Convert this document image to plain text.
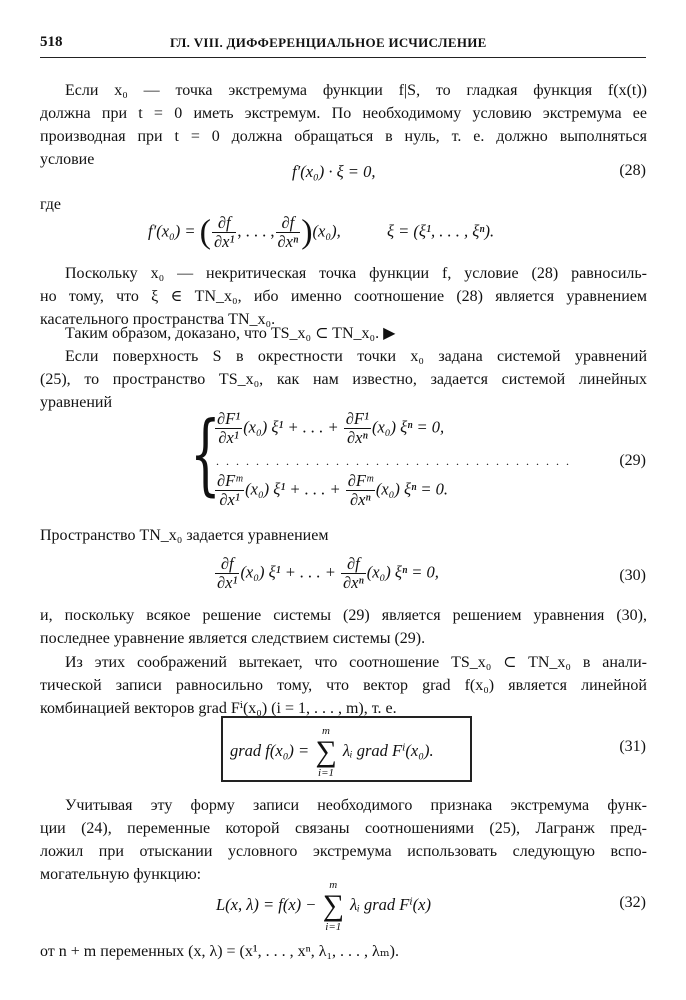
518	ГЛ. VIII. ДИФФЕРЕНЦИАЛЬНОЕ ИСЧИСЛЕНИЕ
Если x₀ — точка экстремума функции f|S, то гладкая функция f(x(t))
должна при t = 0 иметь экстремум. По необходимому условию экстремума ее
производная при t = 0 должна обращаться в нуль, т. е. должно выполняться
условие
f′(x₀) · ξ = 0,	(28)
где
f′(x₀) = ( $\frac{\partial f}{\text{∂x¹}}$ , . . . , $\frac{\partial f}{\text{∂xⁿ}} )(x_0)$,	ξ = (ξ¹, . . . , ξⁿ).
Поскольку x₀ — некритическая точка функции f, условие (28) равносиль-
но тому, что ξ ∈ TN_x₀, ибо именно соотношение (28) является уравнением
касательного пространства TN_x₀.
Таким образом, доказано, что TS_x₀ ⊂ TN_x₀. ▶
Если поверхность S в окрестности точки x₀ задана системой уравнений
(25), то пространство TS_x₀, как нам известно, задается системой линейных
уравнений {
$\frac{\text{∂F¹}}{\text{∂x¹}} (x_0) \xi^1$ + . . . + $\frac{\text{∂F¹}}{\text{∂xⁿ}} (x_0) \xi^n = 0$,
. . . . . . . . . . . . . . . . . . . . . . . . . . . . . . . . . . . .	(29)
$\frac{\text{∂Fᵐ}}{\text{∂x¹}} (x_0) \xi^1$ + . . . + $\frac{\text{∂Fᵐ}}{\text{∂xⁿ}} (x_0) \xi^n = 0$.
Пространство TN_x₀ задается уравнением
$\frac{\partial f}{\text{∂x¹}} (x_0) \xi^1$ + . . . + $\frac{\partial f}{\text{∂xⁿ}} (x_0) \xi^n = 0$,	(30)
и, поскольку всякое решение системы (29) является решением уравнения (30),
последнее уравнение является следствием системы (29).
Из этих соображений вытекает, что соотношение TS_x₀ ⊂ TN_x₀ в анали-
тической записи равносильно тому, что вектор grad f(x₀) является линейной
комбинацией векторов grad Fⁱ(x₀) (i = 1, . . . , m), т. е.
grad f(x₀) =
m
∑
i=1
λᵢ grad Fⁱ(x₀).	(31)
Учитывая эту форму записи необходимого признака экстремума функ-
ции (24), переменные которой связаны соотношениями (25), Лагранж пред-
ложил при отыскании условного экстремума использовать следующую вспо-
могательную функцию:
L(x, λ) = f(x) −
m
∑
i=1
λᵢ grad Fⁱ(x)	(32)
от n + m переменных (x, λ) = (x¹, . . . , xⁿ, λ₁, . . . , λₘ).
